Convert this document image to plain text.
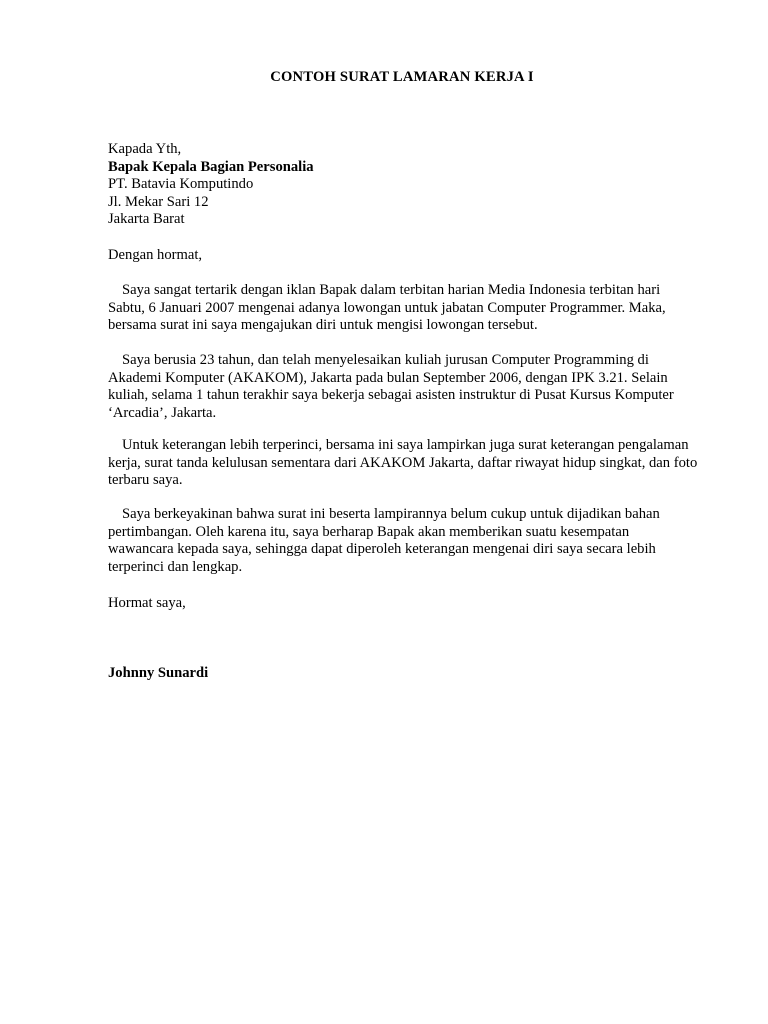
CONTOH SURAT LAMARAN KERJA I
Kapada Yth,
Bapak Kepala Bagian Personalia
PT. Batavia Komputindo
Jl. Mekar Sari 12
Jakarta Barat
Dengan hormat,

Saya sangat tertarik dengan iklan Bapak dalam terbitan harian Media Indonesia terbitan hari Sabtu, 6 Januari 2007 mengenai adanya lowongan untuk jabatan Computer Programmer. Maka, bersama surat ini saya mengajukan diri untuk mengisi lowongan tersebut.

Saya berusia 23 tahun, dan telah menyelesaikan kuliah jurusan Computer Programming di Akademi Komputer (AKAKOM), Jakarta pada bulan September 2006, dengan IPK 3.21. Selain kuliah, selama 1 tahun terakhir saya bekerja sebagai asisten instruktur di Pusat Kursus Komputer ‘Arcadia’, Jakarta.

Untuk keterangan lebih terperinci, bersama ini saya lampirkan juga surat keterangan pengalaman kerja, surat tanda kelulusan sementara dari AKAKOM Jakarta, daftar riwayat hidup singkat, dan foto terbaru saya.

Saya berkeyakinan bahwa surat ini beserta lampirannya belum cukup untuk dijadikan bahan pertimbangan. Oleh karena itu, saya berharap Bapak akan memberikan suatu kesempatan wawancara kepada saya, sehingga dapat diperoleh keterangan mengenai diri saya secara lebih terperinci dan lengkap.

Hormat saya,
Johnny Sunardi
